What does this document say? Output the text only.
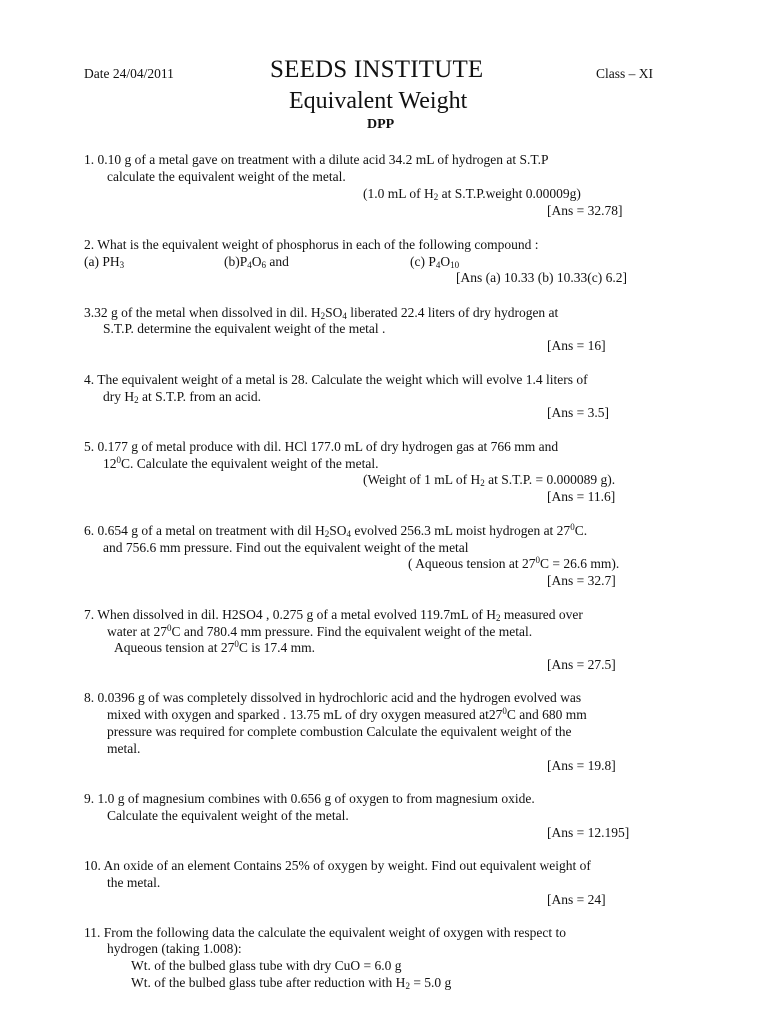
Date 24/04/2011	SEEDS INSTITUTE	Class – XI
Equivalent Weight
DPP
1. 0.10 g of a metal gave on treatment with a dilute acid 34.2 mL of hydrogen at S.T.P
calculate the equivalent weight of the metal.
(1.0 mL of $H_2$ at S.T.P.weight 0.00009g)
[Ans = 32.78]
2. What is the equivalent weight of phosphorus in each of the following compound :
(a) $PH_3$	$(b)P_4O_6$ and	(c) $P_4O_{10}$
[Ans (a) 10.33 (b) 10.33(c) 6.2]
3.32 g of the metal when dissolved in dil. $H_2SO_4$ liberated 22.4 liters of dry hydrogen at
S.T.P. determine the equivalent weight of the metal .
[Ans = 16]
4. The equivalent weight of a metal is 28. Calculate the weight which will evolve 1.4 liters of
dry $H_2$ at S.T.P. from an acid.
[Ans = 3.5]
5. 0.177 g of metal produce with dil. HCl 177.0 mL of dry hydrogen gas at 766 mm and
$12^0C$. Calculate the equivalent weight of the metal.
(Weight of 1 mL of $H_2$ at S.T.P. = 0.000089 g).
[Ans = 11.6]
6. 0.654 g of a metal on treatment with dil $H_2SO_4$ evolved 256.3 mL moist hydrogen at $27^0C$.
and 756.6 mm pressure. Find out the equivalent weight of the metal
( Aqueous tension at $27^0C = 26.6$ mm).
[Ans = 32.7]
7. When dissolved in dil. H2SO4 , 0.275 g of a metal evolved 119.7mL of $H_2$ measured over
water at $27^0C$ and 780.4 mm pressure. Find the equivalent weight of the metal.
Aqueous tension at $27^0C$ is 17.4 mm.
[Ans = 27.5]
8. 0.0396 g of was completely dissolved in hydrochloric acid and the hydrogen evolved was
mixed with oxygen and sparked . 13.75 mL of dry oxygen measured $at27^0C$ and 680 mm
pressure was required for complete combustion Calculate the equivalent weight of the
metal.
[Ans = 19.8]
9. 1.0 g of magnesium combines with 0.656 g of oxygen to from magnesium oxide.
Calculate the equivalent weight of the metal.
[Ans = 12.195]
10. An oxide of an element Contains 25% of oxygen by weight. Find out equivalent weight of
the metal.
[Ans = 24]
11. From the following data the calculate the equivalent weight of oxygen with respect to
hydrogen (taking 1.008):
Wt. of the bulbed glass tube with dry CuO = 6.0 g
Wt. of the bulbed glass tube after reduction with $H_2 = 5.0$ g
